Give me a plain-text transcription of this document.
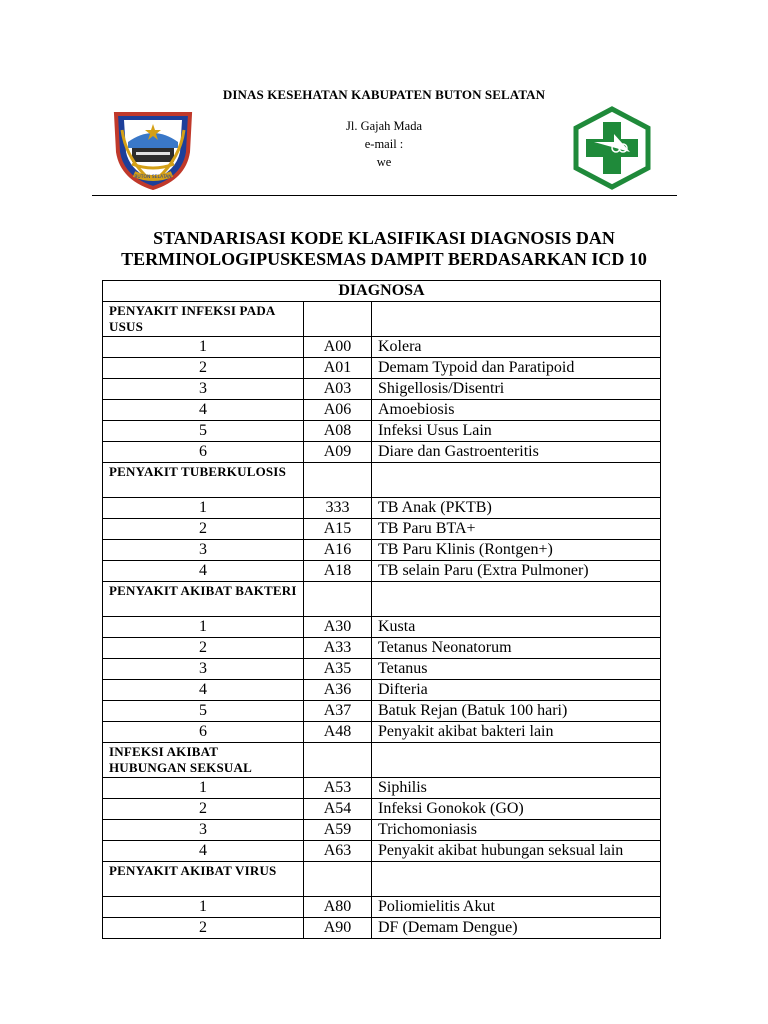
DINAS KESEHATAN KABUPATEN BUTON SELATAN
Jl. Gajah Mada
e-mail :
we
BUTON SELATAN
STANDARISASI KODE KLASIFIKASI DIAGNOSIS DAN
TERMINOLOGIPUSKESMAS DAMPIT BERDASARKAN ICD 10
DIAGNOSA		
PENYAKIT INFEKSI PADA USUS		
1	A00	Kolera
2	A01	Demam Typoid dan Paratipoid
3	A03	Shigellosis/Disentri
4	A06	Amoebiosis
5	A08	Infeksi Usus Lain
6	A09	Diare dan Gastroenteritis
PENYAKIT TUBERKULOSIS		
1	333	TB Anak (PKTB)
2	A15	TB Paru BTA+
3	A16	TB Paru Klinis (Rontgen+)
4	A18	TB selain Paru (Extra Pulmoner)
PENYAKIT AKIBAT BAKTERI		
1	A30	Kusta
2	A33	Tetanus Neonatorum
3	A35	Tetanus
4	A36	Difteria
5	A37	Batuk Rejan (Batuk 100 hari)
6	A48	Penyakit akibat bakteri lain
INFEKSI AKIBAT HUBUNGAN SEKSUAL		
1	A53	Siphilis
2	A54	Infeksi Gonokok (GO)
3	A59	Trichomoniasis
4	A63	Penyakit akibat hubungan seksual lain
PENYAKIT AKIBAT VIRUS		
1	A80	Poliomielitis Akut
2	A90	DF (Demam Dengue)
